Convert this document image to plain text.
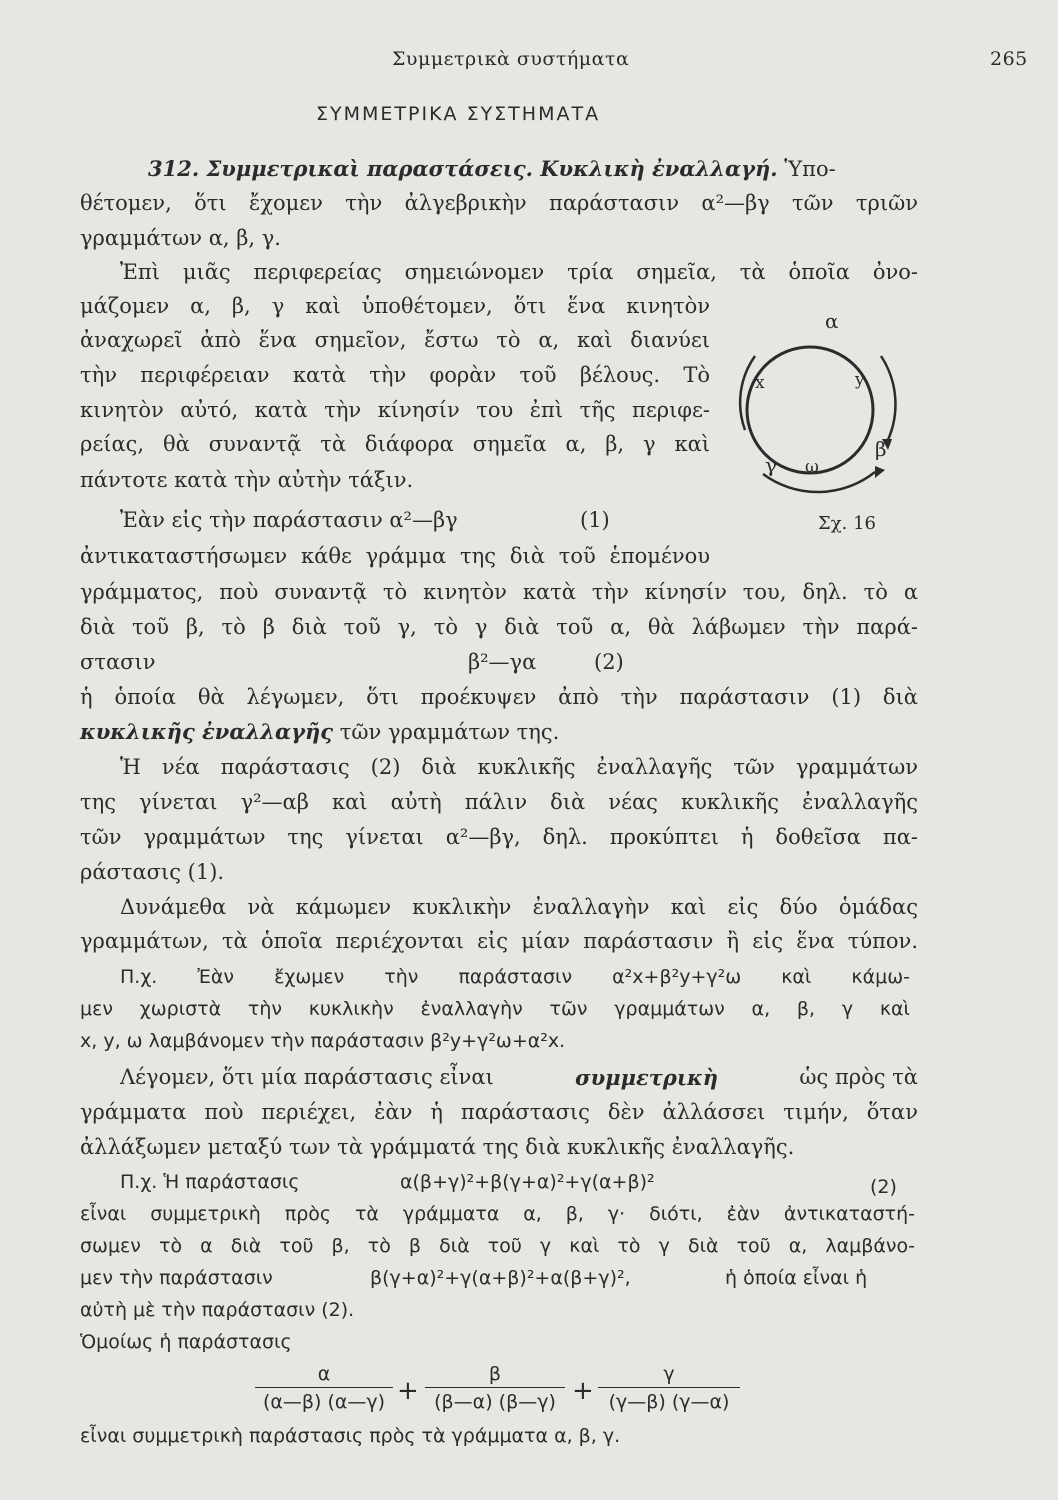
Συμμετρικὰ συστήματα	265
ΣΥΜΜΕΤΡΙΚΑ ΣΥΣΤΗΜΑΤΑ
312. Συμμετρικαὶ παραστάσεις. Κυκλικὴ ἐναλλαγή. Ὑπο-
θέτομεν, ὅτι ἔχομεν τὴν ἀλγεβρικὴν παράστασιν α²—βγ τῶν τριῶν
γραμμάτων α, β, γ.
Ἐπὶ μιᾶς περιφερείας σημειώνομεν τρία σημεῖα, τὰ ὁποῖα ὀνο-
μάζομεν α, β, γ καὶ ὑποθέτομεν, ὅτι ἕνα κινητὸν
ἀναχωρεῖ ἀπὸ ἕνα σημεῖον, ἔστω τὸ α, καὶ διανύει
τὴν περιφέρειαν κατὰ τὴν φορὰν τοῦ βέλους. Τὸ
κινητὸν αὐτό, κατὰ τὴν κίνησίν του ἐπὶ τῆς περιφε-
ρείας, θὰ συναντᾷ τὰ διάφορα σημεῖα α, β, γ καὶ
πάντοτε κατὰ τὴν αὐτὴν τάξιν.
α
β
γ
x	y
ω
Σχ. 16
Ἐὰν εἰς τὴν παράστασιν α²—βγ	(1)
ἀντικαταστήσωμεν κάθε γράμμα της διὰ τοῦ ἑπομένου
γράμματος, ποὺ συναντᾷ τὸ κινητὸν κατὰ τὴν κίνησίν του, δηλ. τὸ α
διὰ τοῦ β, τὸ β διὰ τοῦ γ, τὸ γ διὰ τοῦ α, θὰ λάβωμεν τὴν παρά-
στασιν	β²—γα	(2)
ἡ ὁποία θὰ λέγωμεν, ὅτι προέκυψεν ἀπὸ τὴν παράστασιν (1) διὰ
κυκλικῆς ἐναλλαγῆς τῶν γραμμάτων της.
Ἡ νέα παράστασις (2) διὰ κυκλικῆς ἐναλλαγῆς τῶν γραμμάτων
της γίνεται γ²—αβ καὶ αὐτὴ πάλιν διὰ νέας κυκλικῆς ἐναλλαγῆς
τῶν γραμμάτων της γίνεται α²—βγ, δηλ. προκύπτει ἡ δοθεῖσα πα-
ράστασις (1).
Δυνάμεθα νὰ κάμωμεν κυκλικὴν ἐναλλαγὴν καὶ εἰς δύο ὁμάδας
γραμμάτων, τὰ ὁποῖα περιέχονται εἰς μίαν παράστασιν ἢ εἰς ἕνα τύπον.
Π.χ. Ἐὰν ἔχωμεν τὴν παράστασιν α²x+β²y+γ²ω καὶ κάμω-
μεν χωριστὰ τὴν κυκλικὴν ἐναλλαγὴν τῶν γραμμάτων α, β, γ καὶ
x, y, ω λαμβάνομεν τὴν παράστασιν β²y+γ²ω+α²x.
Λέγομεν, ὅτι μία παράστασις εἶναι	συμμετρικὴ	ὡς πρὸς τὰ
γράμματα ποὺ περιέχει, ἐὰν ἡ παράστασις δὲν ἀλλάσσει τιμήν, ὅταν
ἀλλάξωμεν μεταξύ των τὰ γράμματά της διὰ κυκλικῆς ἐναλλαγῆς.
Π.χ. Ἡ παράστασις	α(β+γ)²+β(γ+α)²+γ(α+β)²	(2)
εἶναι συμμετρικὴ πρὸς τὰ γράμματα α, β, γ· διότι, ἐὰν ἀντικαταστή-
σωμεν τὸ α διὰ τοῦ β, τὸ β διὰ τοῦ γ καὶ τὸ γ διὰ τοῦ α, λαμβάνο-
μεν τὴν παράστασιν	β(γ+α)²+γ(α+β)²+α(β+γ)²,	ἡ ὁποία εἶναι ἡ
αὐτὴ μὲ τὴν παράστασιν (2).
Ὁμοίως ἡ παράστασις
$\frac{\alpha}{(\alpha—\beta) (\alpha—\gamma)} + \frac{\beta}{(\beta—\alpha) (\beta—\gamma)} + \frac{\gamma}{(\gamma—\beta) (\gamma—\alpha)}$
εἶναι συμμετρικὴ παράστασις πρὸς τὰ γράμματα α, β, γ.
